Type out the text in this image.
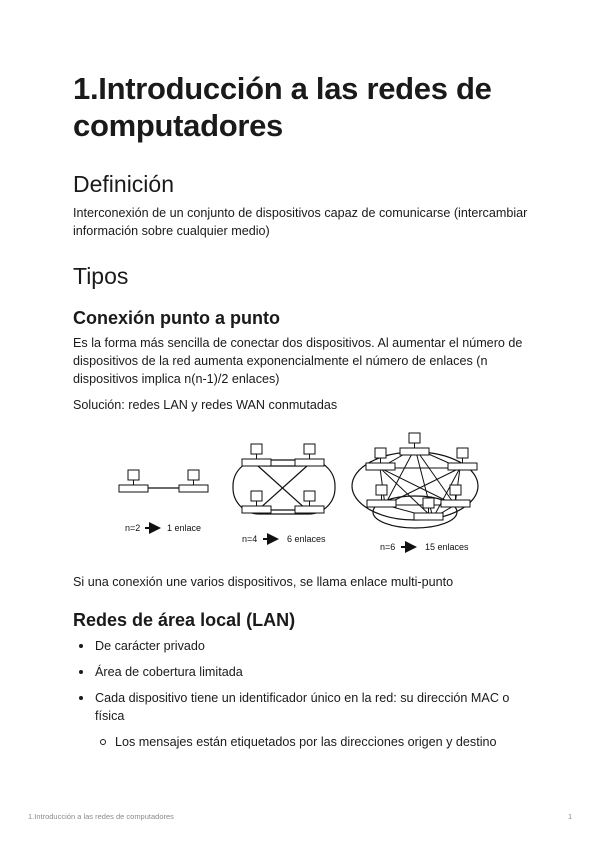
1.Introducción a las redes de computadores
Definición

Interconexión de un conjunto de dispositivos capaz de comunicarse (intercambiar información sobre cualquier medio)

Tipos
Conexión punto a punto

Es la forma más sencilla de conectar dos dispositivos. Al aumentar el número de dispositivos de la red aumenta exponencialmente el número de enlaces (n dispositivos implica n(n-1)/2 enlaces)

Solución: redes LAN y redes WAN conmutadas

n=2	1 enlace
n=4	6 enlaces
n=6	15 enlaces

Si una conexión une varios dispositivos, se llama enlace multi-punto

Redes de área local (LAN)
De carácter privado
Área de cobertura limitada
Cada dispositivo tiene un identificador único en la red: su dirección MAC o física
Los mensajes están etiquetados por las direcciones origen y destino
1.Introducción a las redes de computadores	1
